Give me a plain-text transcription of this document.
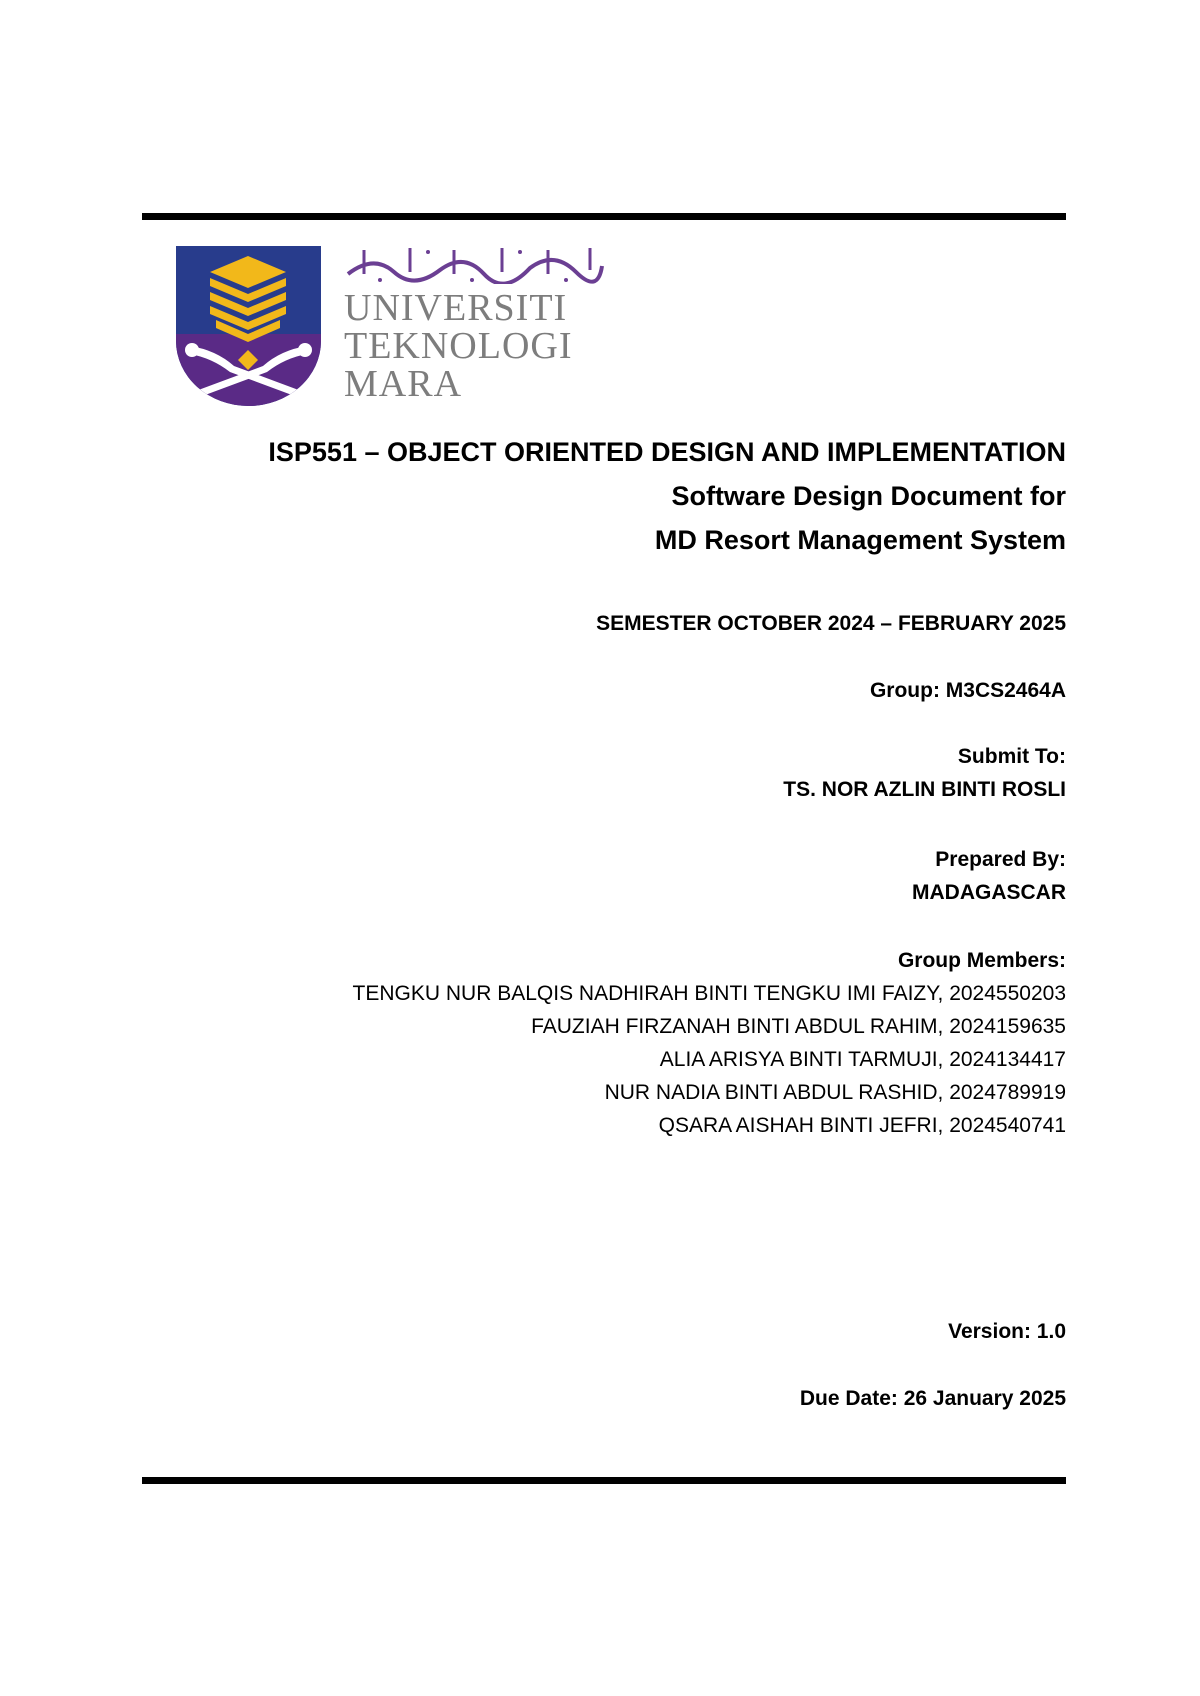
UNIVERSITI
TEKNOLOGI
MARA
ISP551 – OBJECT ORIENTED DESIGN AND IMPLEMENTATION
Software Design Document for
MD Resort Management System
SEMESTER OCTOBER 2024 – FEBRUARY 2025
Group: M3CS2464A
Submit To:
TS. NOR AZLIN BINTI ROSLI
Prepared By:
MADAGASCAR
Group Members:
TENGKU NUR BALQIS NADHIRAH BINTI TENGKU IMI FAIZY, 2024550203
FAUZIAH FIRZANAH BINTI ABDUL RAHIM, 2024159635
ALIA ARISYA BINTI TARMUJI, 2024134417
NUR NADIA BINTI ABDUL RASHID, 2024789919
QSARA AISHAH BINTI JEFRI, 2024540741
Version: 1.0
Due Date: 26 January 2025
